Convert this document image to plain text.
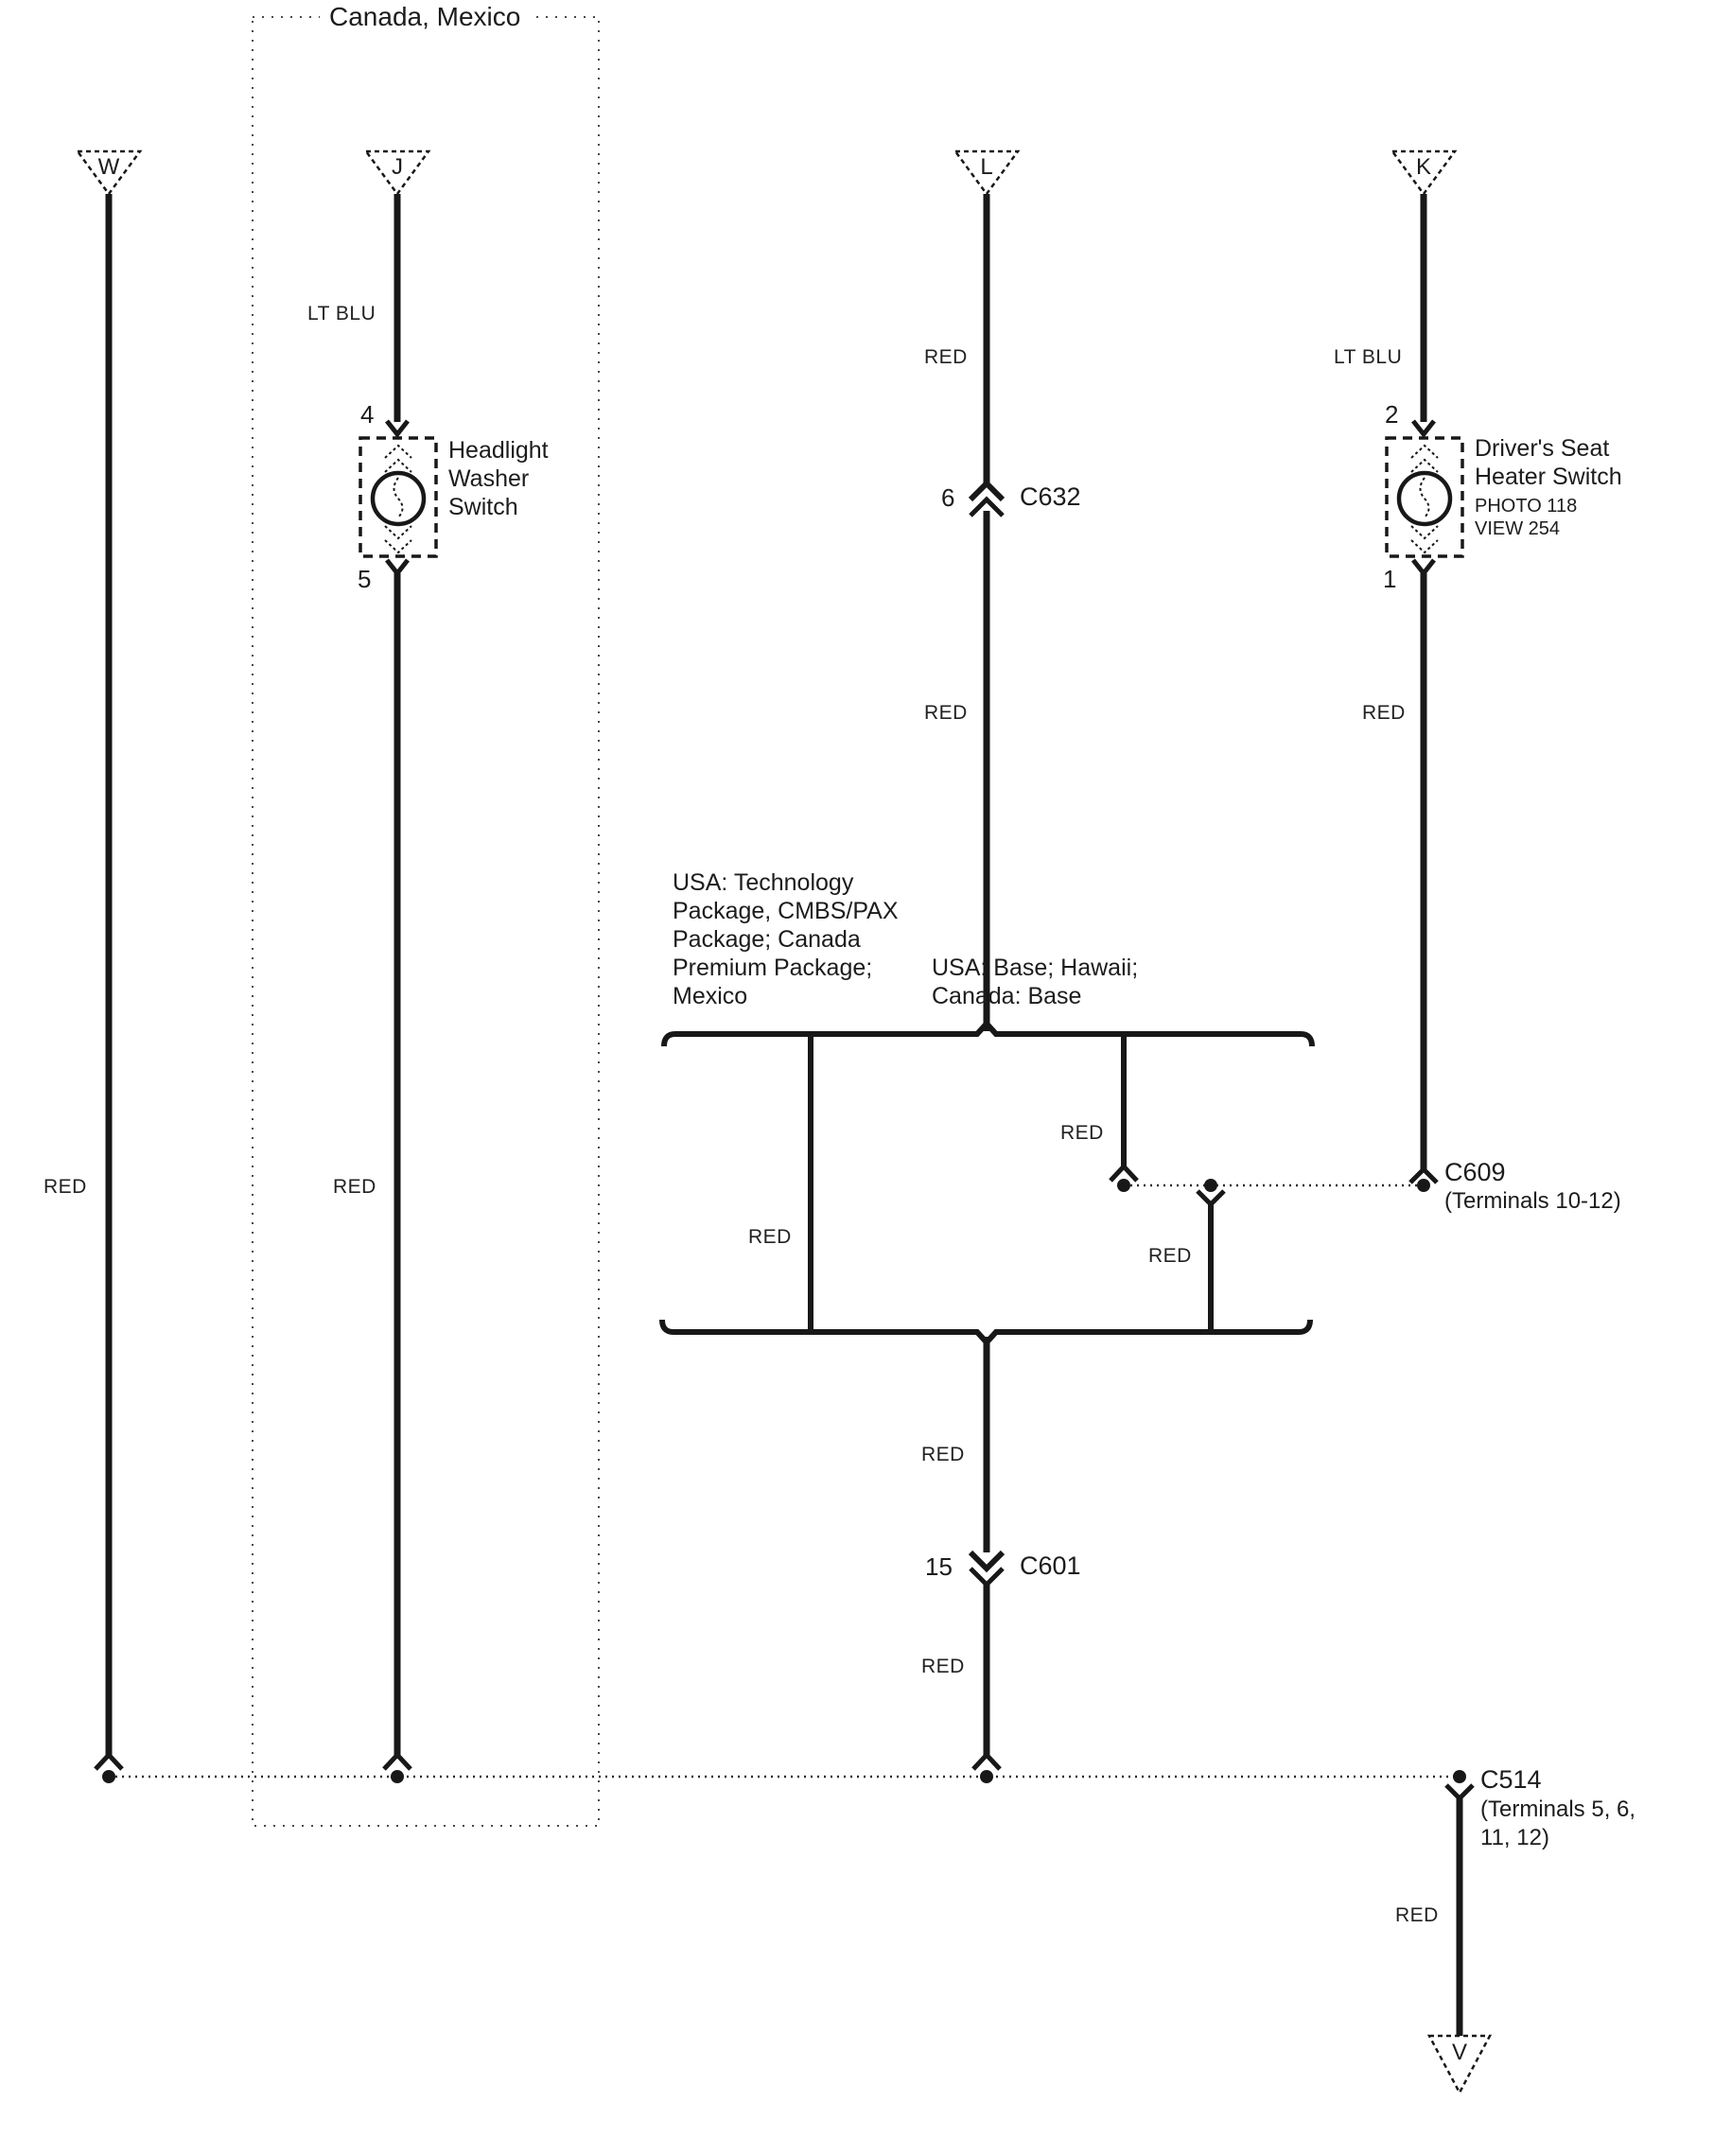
Canada, Mexico
W	J	L	K
V
LT BLU
RED	LT BLU
RED	RED
RED	RED
RED
RED
RED
RED
RED
RED
4
5
Headlight
Washer
Switch	6	C632
2
1
Driver's Seat
Heater Switch
PHOTO 118
VIEW 254
USA: Technology
Package, CMBS/PAX
Package; Canada
Premium Package;
Mexico
USA: Base; Hawaii;
Canada: Base
C609
(Terminals 10-12)
15	C601
C514
(Terminals 5, 6,
11, 12)
